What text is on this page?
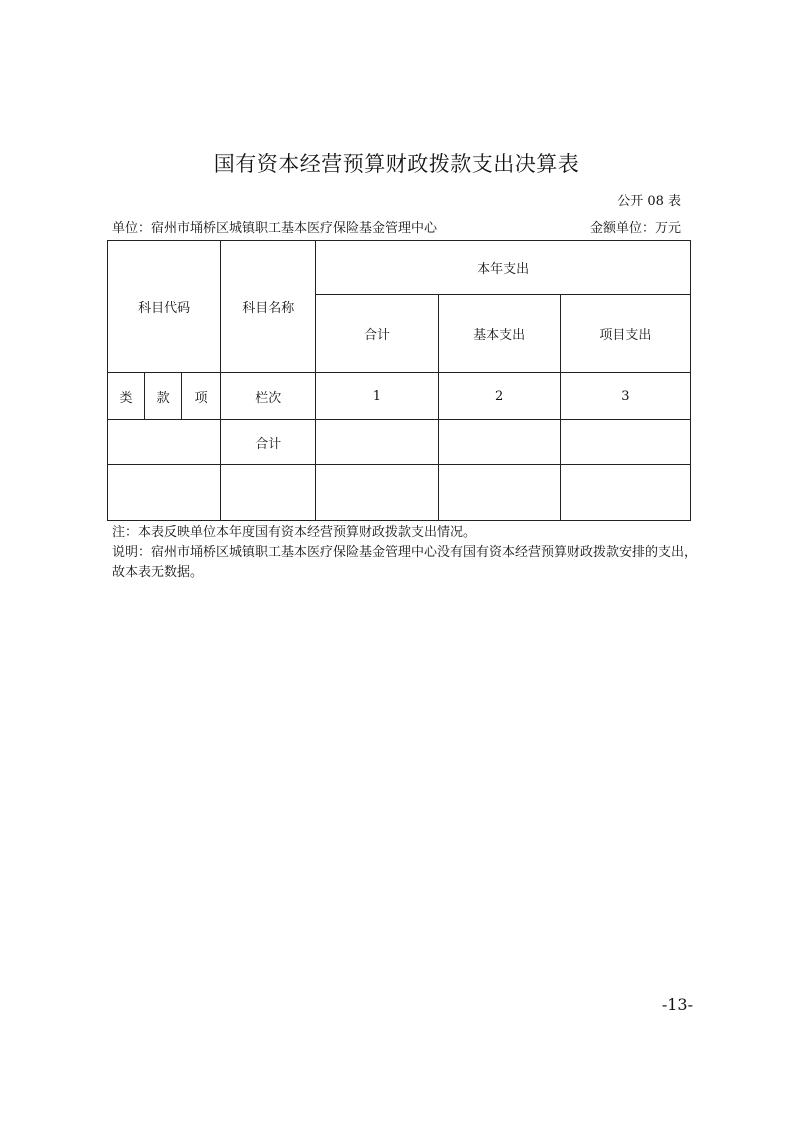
国有资本经营预算财政拨款支出决算表
公开 08 表
单位：宿州市埇桥区城镇职工基本医疗保险基金管理中心	金额单位：万元
科目代码			科目名称	本年支出		
				合计	基本支出	项目支出
类	款	项	栏次	1	2	3
			合计			

注：本表反映单位本年度国有资本经营预算财政拨款支出情况。
说明：宿州市埇桥区城镇职工基本医疗保险基金管理中心没有国有资本经营预算财政拨款安排的支出，故本表无数据。
-13-
